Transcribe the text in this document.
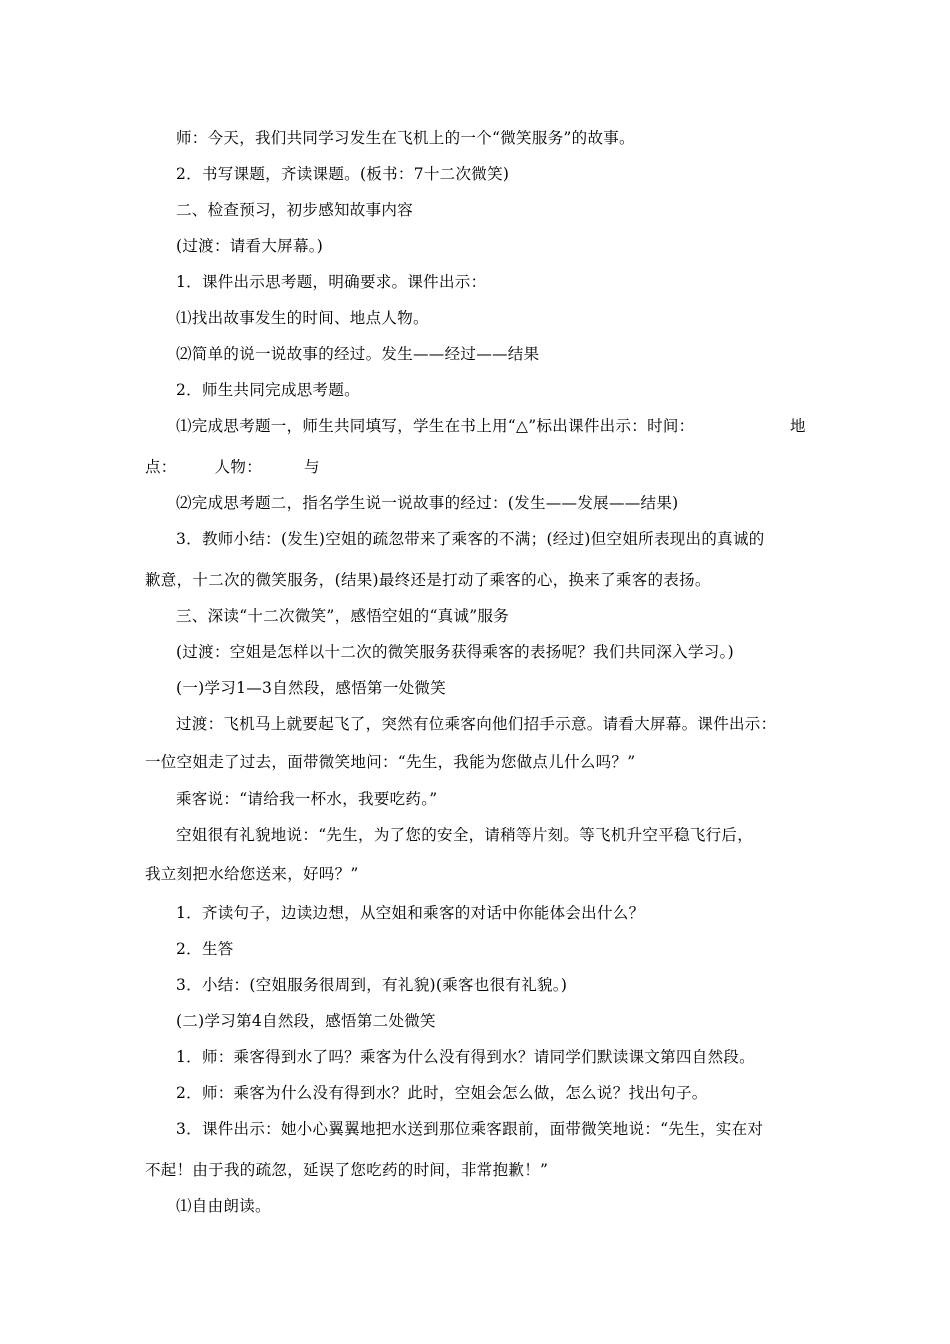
师：今天，我们共同学习发生在飞机上的一个“微笑服务”的故事。
2．书写课题，齐读课题。(板书：7十二次微笑)
二、检查预习，初步感知故事内容
(过渡：请看大屏幕。)
1．课件出示思考题，明确要求。课件出示：
⑴找出故事发生的时间、地点人物。
⑵简单的说一说故事的经过。发生——经过——结果
2．师生共同完成思考题。
⑴完成思考题一，师生共同填写，学生在书上用“△”标出课件出示：时间：	地
点： 人物：	与
⑵完成思考题二，指名学生说一说故事的经过：(发生——发展——结果)
3．教师小结：(发生)空姐的疏忽带来了乘客的不满；(经过)但空姐所表现出的真诚的
歉意，十二次的微笑服务，(结果)最终还是打动了乘客的心，换来了乘客的表扬。
三、深读“十二次微笑”，感悟空姐的“真诚”服务
(过渡：空姐是怎样以十二次的微笑服务获得乘客的表扬呢？我们共同深入学习。)
(一)学习1—3自然段，感悟第一处微笑
过渡：飞机马上就要起飞了，突然有位乘客向他们招手示意。请看大屏幕。课件出示：
一位空姐走了过去，面带微笑地问：“先生，我能为您做点儿什么吗？”
乘客说：“请给我一杯水，我要吃药。”
空姐很有礼貌地说：“先生，为了您的安全，请稍等片刻。等飞机升空平稳飞行后，
我立刻把水给您送来，好吗？”
1．齐读句子，边读边想，从空姐和乘客的对话中你能体会出什么？
2．生答
3．小结：(空姐服务很周到，有礼貌)(乘客也很有礼貌。)
(二)学习第4自然段，感悟第二处微笑
1．师：乘客得到水了吗？乘客为什么没有得到水？请同学们默读课文第四自然段。
2．师：乘客为什么没有得到水？此时，空姐会怎么做，怎么说？找出句子。
3．课件出示：她小心翼翼地把水送到那位乘客跟前，面带微笑地说：“先生，实在对
不起！由于我的疏忽，延误了您吃药的时间，非常抱歉！”
⑴自由朗读。
